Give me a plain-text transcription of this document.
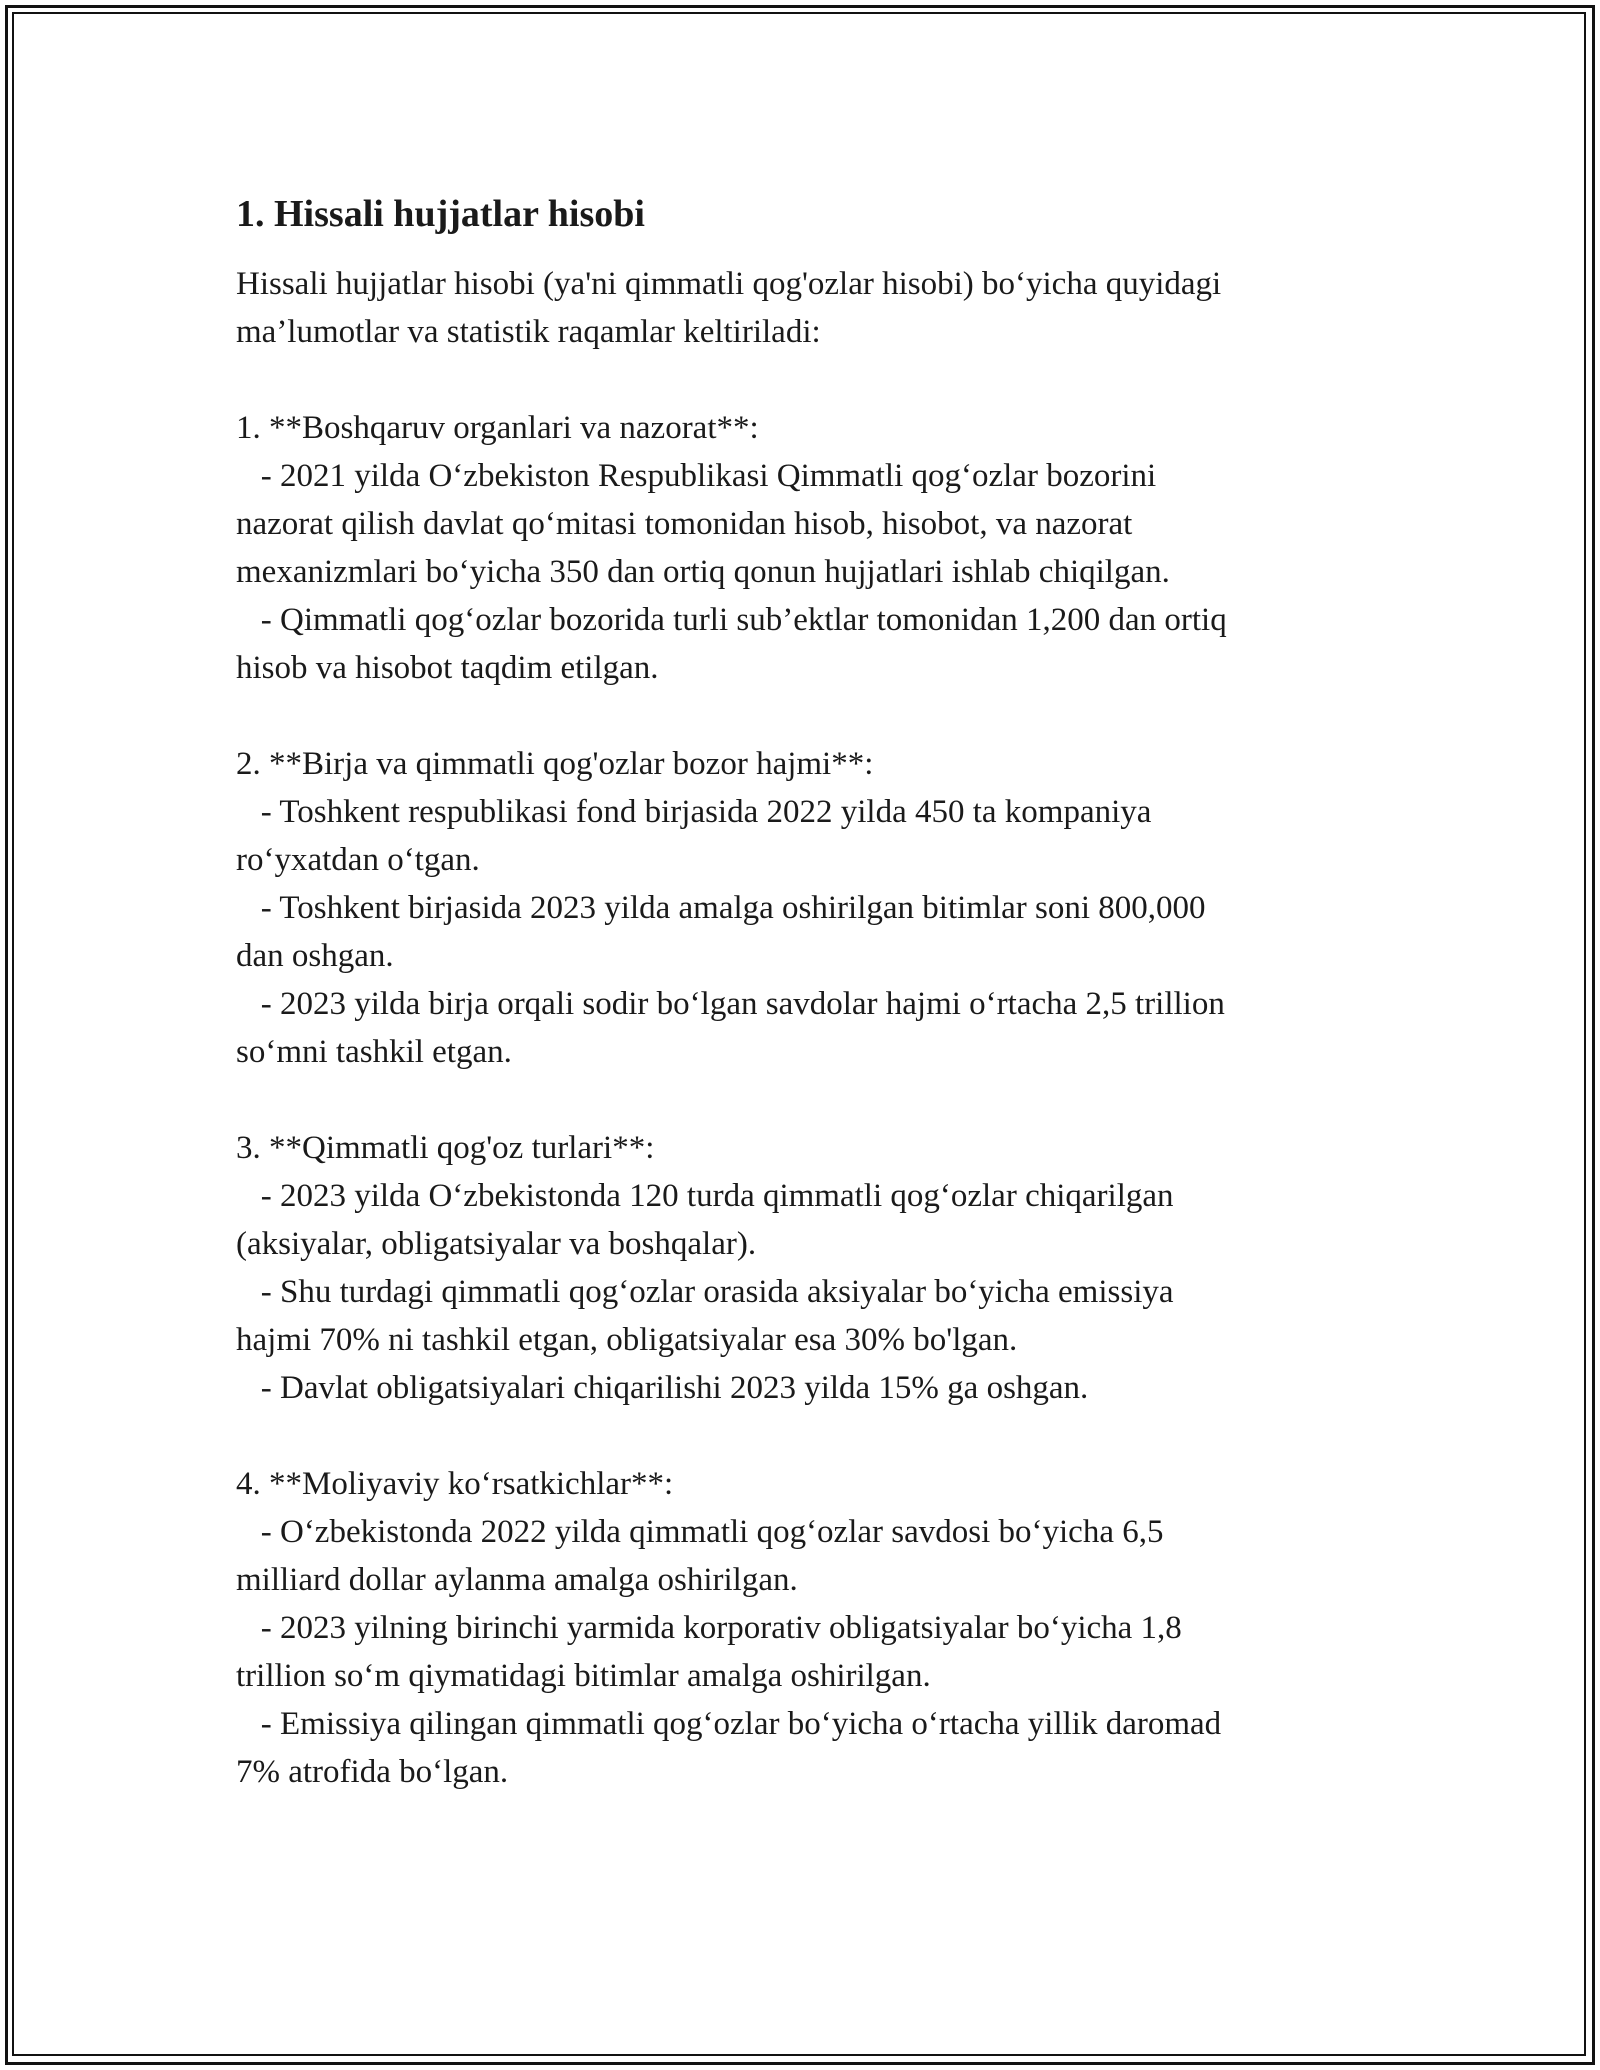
1. Hissali hujjatlar hisobi

Hissali hujjatlar hisobi (ya'ni qimmatli qog'ozlar hisobi) bo‘yicha quyidagi
ma’lumotlar va statistik raqamlar keltiriladi:

1. **Boshqaruv organlari va nazorat**:
- 2021 yilda O‘zbekiston Respublikasi Qimmatli qog‘ozlar bozorini
nazorat qilish davlat qo‘mitasi tomonidan hisob, hisobot, va nazorat
mexanizmlari bo‘yicha 350 dan ortiq qonun hujjatlari ishlab chiqilgan.
- Qimmatli qog‘ozlar bozorida turli sub’ektlar tomonidan 1,200 dan ortiq
hisob va hisobot taqdim etilgan.

2. **Birja va qimmatli qog'ozlar bozor hajmi**:
- Toshkent respublikasi fond birjasida 2022 yilda 450 ta kompaniya
ro‘yxatdan o‘tgan.
- Toshkent birjasida 2023 yilda amalga oshirilgan bitimlar soni 800,000
dan oshgan.
- 2023 yilda birja orqali sodir bo‘lgan savdolar hajmi o‘rtacha 2,5 trillion
so‘mni tashkil etgan.

3. **Qimmatli qog'oz turlari**:
- 2023 yilda O‘zbekistonda 120 turda qimmatli qog‘ozlar chiqarilgan
(aksiyalar, obligatsiyalar va boshqalar).
- Shu turdagi qimmatli qog‘ozlar orasida aksiyalar bo‘yicha emissiya
hajmi 70% ni tashkil etgan, obligatsiyalar esa 30% bo'lgan.
- Davlat obligatsiyalari chiqarilishi 2023 yilda 15% ga oshgan.

4. **Moliyaviy ko‘rsatkichlar**:
- O‘zbekistonda 2022 yilda qimmatli qog‘ozlar savdosi bo‘yicha 6,5
milliard dollar aylanma amalga oshirilgan.
- 2023 yilning birinchi yarmida korporativ obligatsiyalar bo‘yicha 1,8
trillion so‘m qiymatidagi bitimlar amalga oshirilgan.
- Emissiya qilingan qimmatli qog‘ozlar bo‘yicha o‘rtacha yillik daromad
7% atrofida bo‘lgan.
